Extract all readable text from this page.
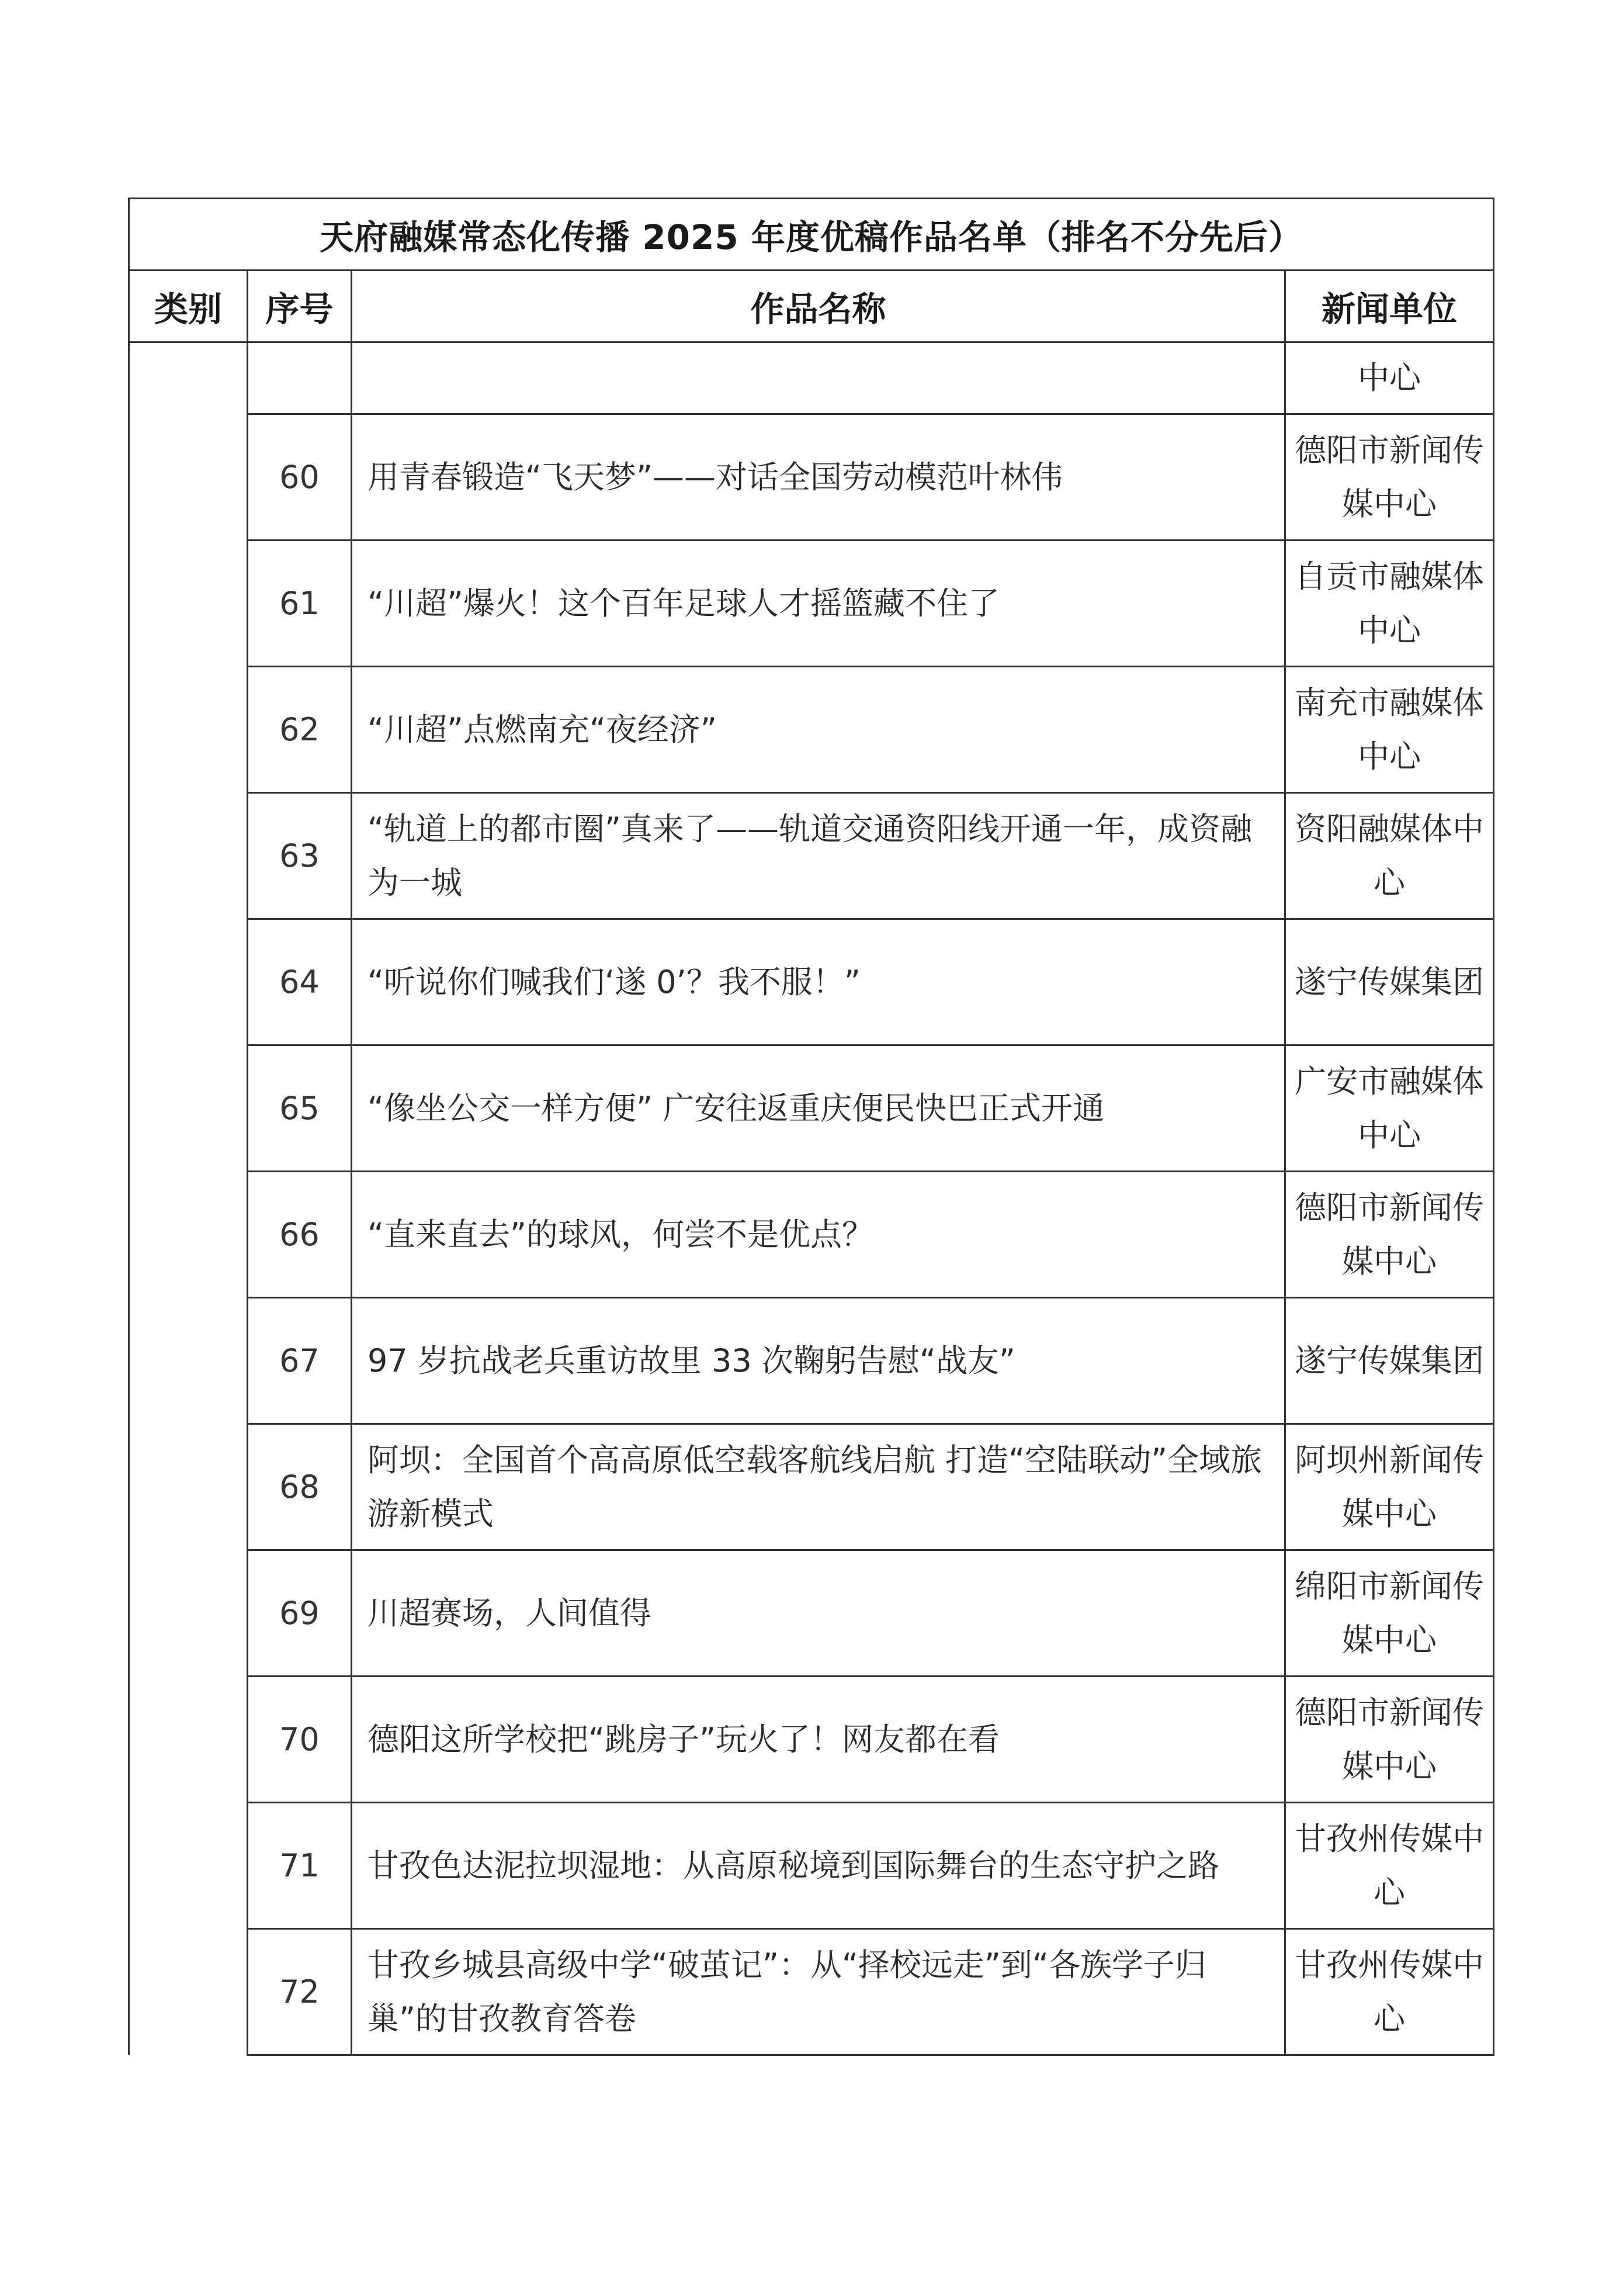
天府融媒常态化传播 2025 年度优稿作品名单（排名不分先后）			
类别	序号	作品名称	新闻单位
			中心
	60	用青春锻造“飞天梦”——对话全国劳动模范叶林伟	德阳市新闻传媒中心
	61	“川超”爆火！这个百年足球人才摇篮藏不住了	自贡市融媒体中心
	62	“川超”点燃南充“夜经济”	南充市融媒体中心
	63	“轨道上的都市圈”真来了——轨道交通资阳线开通一年，成资融为一城	资阳融媒体中心
	64	“听说你们喊我们‘遂 0’？我不服！”	遂宁传媒集团
	65	“像坐公交一样方便” 广安往返重庆便民快巴正式开通	广安市融媒体中心
	66	“直来直去”的球风，何尝不是优点？	德阳市新闻传媒中心
	67	97 岁抗战老兵重访故里 33 次鞠躬告慰“战友”	遂宁传媒集团
	68	阿坝：全国首个高高原低空载客航线启航 打造“空陆联动”全域旅游新模式	阿坝州新闻传媒中心
	69	川超赛场，人间值得	绵阳市新闻传媒中心
	70	德阳这所学校把“跳房子”玩火了！网友都在看	德阳市新闻传媒中心
	71	甘孜色达泥拉坝湿地：从高原秘境到国际舞台的生态守护之路	甘孜州传媒中心
	72	甘孜乡城县高级中学“破茧记”：从“择校远走”到“各族学子归巢”的甘孜教育答卷	甘孜州传媒中心
